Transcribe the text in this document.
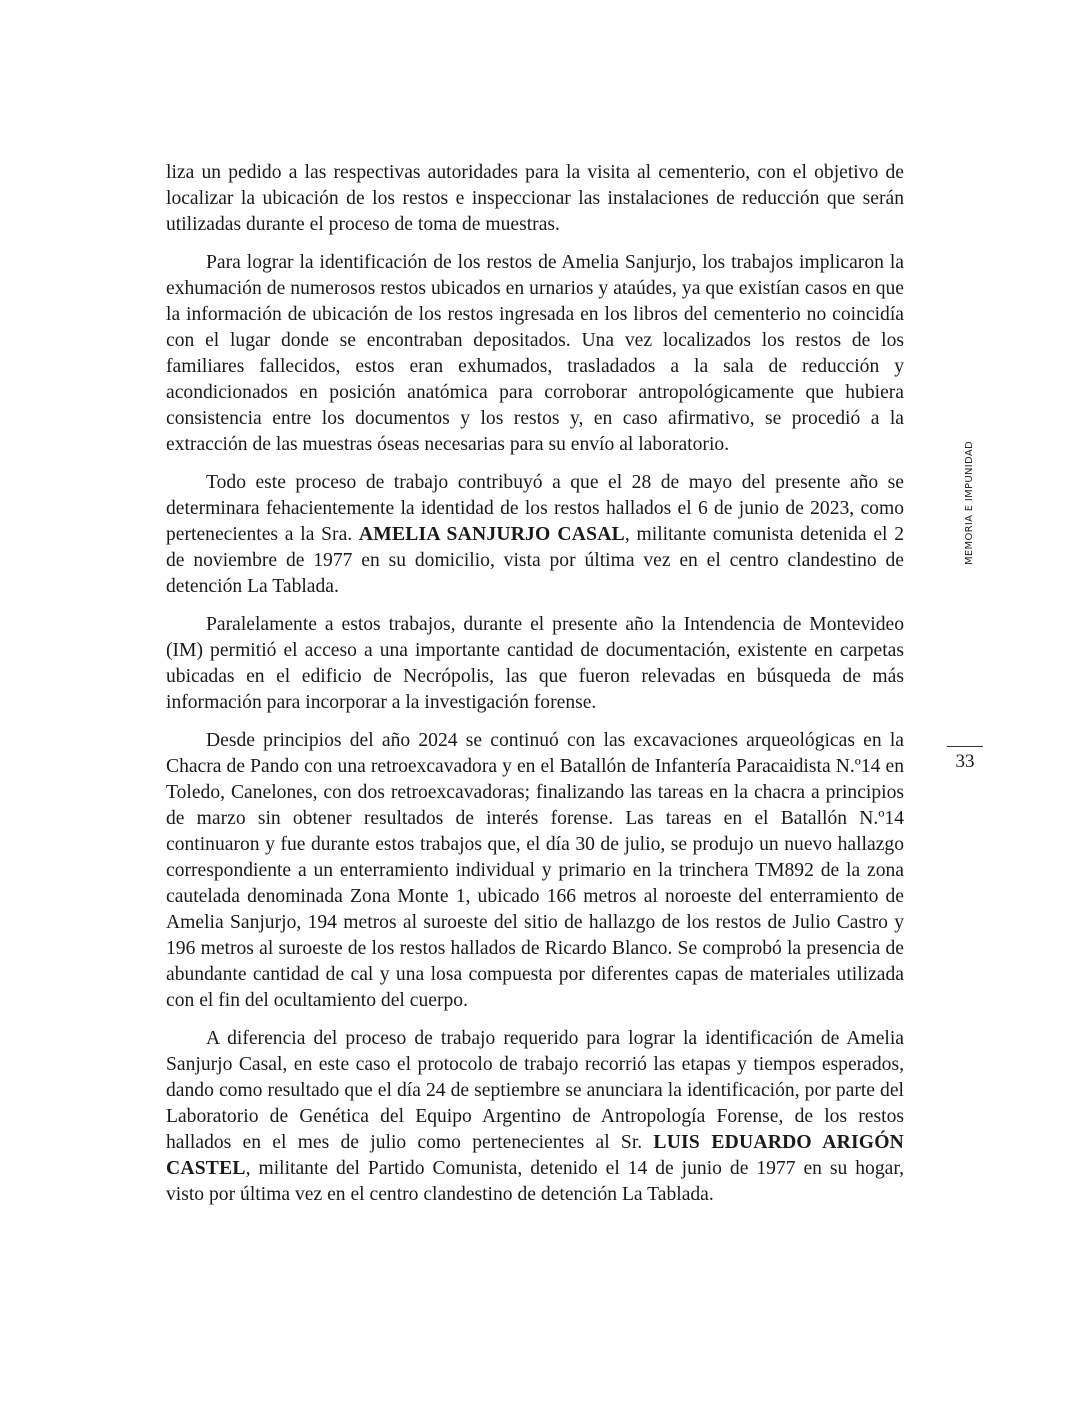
liza un pedido a las respectivas autoridades para la visita al cementerio, con el objetivo de localizar la ubicación de los restos e inspeccionar las instalaciones de reducción que serán utilizadas durante el proceso de toma de muestras.

Para lograr la identificación de los restos de Amelia Sanjurjo, los trabajos implicaron la exhumación de numerosos restos ubicados en urnarios y ataúdes, ya que existían casos en que la información de ubicación de los restos ingresada en los libros del cementerio no coincidía con el lugar donde se encontraban depositados. Una vez localizados los restos de los familiares fallecidos, estos eran exhumados, trasladados a la sala de reducción y acondicionados en posición anatómica para corroborar antropológicamente que hubiera consistencia entre los documentos y los restos y, en caso afirmativo, se procedió a la extracción de las muestras óseas necesarias para su envío al laboratorio.

Todo este proceso de trabajo contribuyó a que el 28 de mayo del presente año se determinara fehacientemente la identidad de los restos hallados el 6 de junio de 2023, como pertenecientes a la Sra. AMELIA SANJURJO CASAL, militante comunista detenida el 2 de noviembre de 1977 en su domicilio, vista por última vez en el centro clandestino de detención La Tablada.

Paralelamente a estos trabajos, durante el presente año la Intendencia de Montevideo (IM) permitió el acceso a una importante cantidad de documentación, existente en carpetas ubicadas en el edificio de Necrópolis, las que fueron relevadas en búsqueda de más información para incorporar a la investigación forense.

Desde principios del año 2024 se continuó con las excavaciones arqueológicas en la Chacra de Pando con una retroexcavadora y en el Batallón de Infantería Paracaidista N.º14 en Toledo, Canelones, con dos retroexcavadoras; finalizando las tareas en la chacra a principios de marzo sin obtener resultados de interés forense. Las tareas en el Batallón N.º14 continuaron y fue durante estos trabajos que, el día 30 de julio, se produjo un nuevo hallazgo correspondiente a un enterramiento individual y primario en la trinchera TM892 de la zona cautelada denominada Zona Monte 1, ubicado 166 metros al noroeste del enterramiento de Amelia Sanjurjo, 194 metros al suroeste del sitio de hallazgo de los restos de Julio Castro y 196 metros al suroeste de los restos hallados de Ricardo Blanco. Se comprobó la presencia de abundante cantidad de cal y una losa compuesta por diferentes capas de materiales utilizada con el fin del ocultamiento del cuerpo.

A diferencia del proceso de trabajo requerido para lograr la identificación de Amelia Sanjurjo Casal, en este caso el protocolo de trabajo recorrió las etapas y tiempos esperados, dando como resultado que el día 24 de septiembre se anunciara la identificación, por parte del Laboratorio de Genética del Equipo Argentino de Antropología Forense, de los restos hallados en el mes de julio como pertenecientes al Sr. LUIS EDUARDO ARIGÓN CASTEL, militante del Partido Comunista, detenido el 14 de junio de 1977 en su hogar, visto por última vez en el centro clandestino de detención La Tablada.

MEMORIA E IMPUNIDAD
33
